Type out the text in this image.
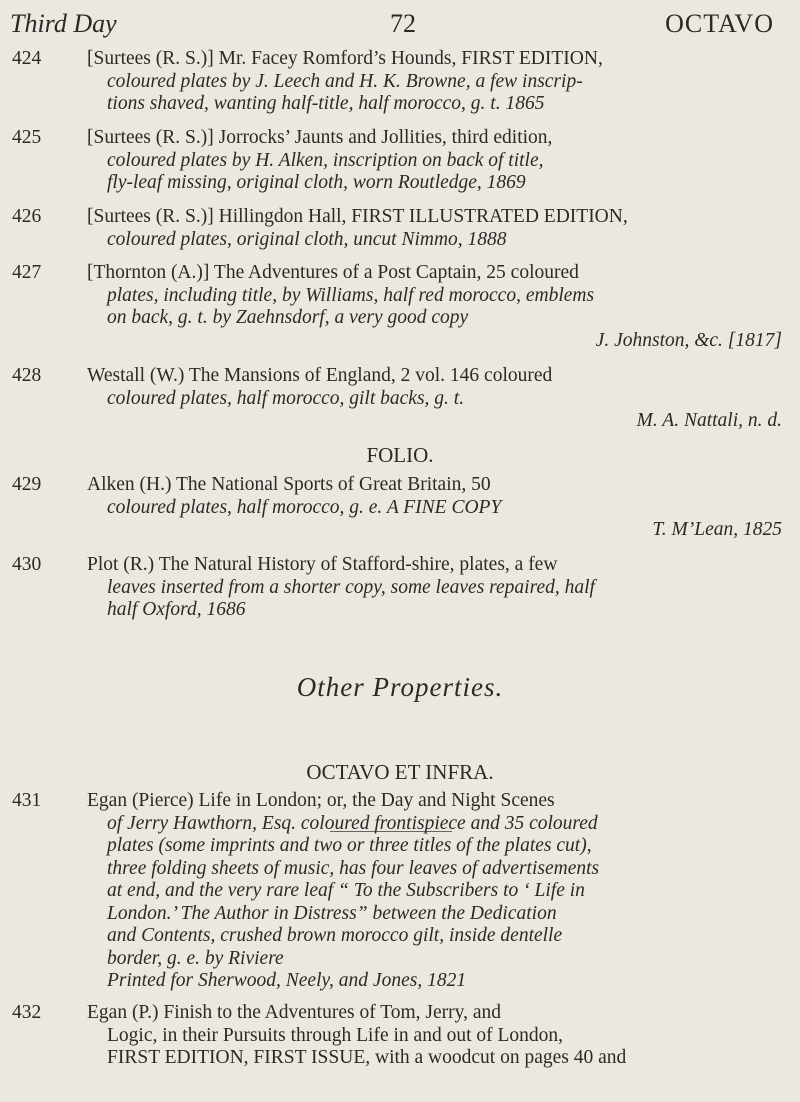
Third Day	72	OCTAVO
424	[Surtees (R. S.)] Mr. Facey Romford’s Hounds, FIRST EDITION,
coloured plates by J. Leech and H. K. Browne, a few inscrip-
tions shaved, wanting half-title, half morocco, g. t. 1865
425	[Surtees (R. S.)] Jorrocks’ Jaunts and Jollities, third edition,
coloured plates by H. Alken, inscription on back of title,
fly-leaf missing, original cloth, worn Routledge, 1869
426	[Surtees (R. S.)] Hillingdon Hall, FIRST ILLUSTRATED EDITION,
coloured plates, original cloth, uncut Nimmo, 1888
427	[Thornton (A.)] The Adventures of a Post Captain, 25 coloured
plates, including title, by Williams, half red morocco, emblems
on back, g. t. by Zaehnsdorf, a very good copy
J. Johnston, &c. [1817]
428	Westall (W.) The Mansions of England, 2 vol. 146 coloured
coloured plates, half morocco, gilt backs, g. t.
M. A. Nattali, n. d.
FOLIO.
429	Alken (H.) The National Sports of Great Britain, 50
coloured plates, half morocco, g. e. A FINE COPY
T. M’Lean, 1825
430	Plot (R.) The Natural History of Stafford-shire, plates, a few
leaves inserted from a shorter copy, some leaves repaired, half
half Oxford, 1686
Other Properties.
OCTAVO ET INFRA.
431	Egan (Pierce) Life in London; or, the Day and Night Scenes
of Jerry Hawthorn, Esq. coloured frontispiece and 35 coloured
plates (some imprints and two or three titles of the plates cut),
three folding sheets of music, has four leaves of advertisements
at end, and the very rare leaf “ To the Subscribers to ‘ Life in
London.’ The Author in Distress” between the Dedication
and Contents, crushed brown morocco gilt, inside dentelle
border, g. e. by Riviere
Printed for Sherwood, Neely, and Jones, 1821
432	Egan (P.) Finish to the Adventures of Tom, Jerry, and
Logic, in their Pursuits through Life in and out of London,
FIRST EDITION, FIRST ISSUE, with a woodcut on pages 40 and
